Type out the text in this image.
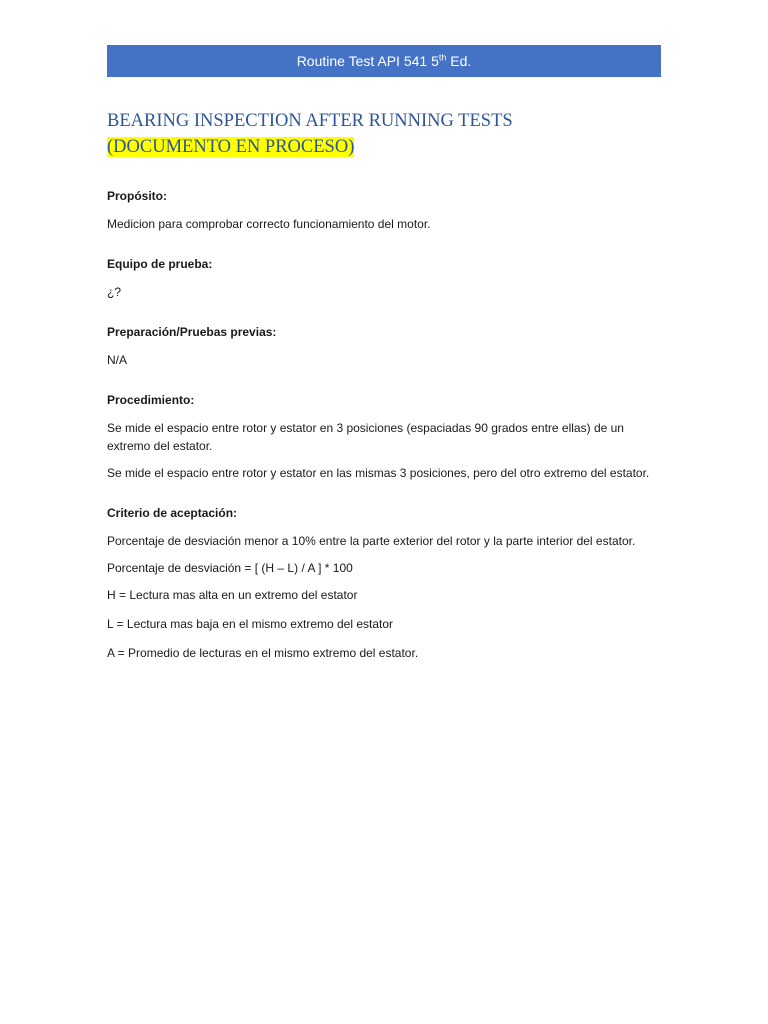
Routine Test API 541 5th Ed.
BEARING INSPECTION AFTER RUNNING TESTS
(DOCUMENTO EN PROCESO)

Propósito:

Medicion para comprobar correcto funcionamiento del motor.

Equipo de prueba:

¿?

Preparación/Pruebas previas:

N/A

Procedimiento:

Se mide el espacio entre rotor y estator en 3 posiciones (espaciadas 90 grados entre ellas) de un extremo del estator.

Se mide el espacio entre rotor y estator en las mismas 3 posiciones, pero del otro extremo del estator.

Criterio de aceptación:

Porcentaje de desviación menor a 10% entre la parte exterior del rotor y la parte interior del estator.

Porcentaje de desviación = [ (H – L) / A ] * 100

H = Lectura mas alta en un extremo del estator

L = Lectura mas baja en el mismo extremo del estator

A = Promedio de lecturas en el mismo extremo del estator.
